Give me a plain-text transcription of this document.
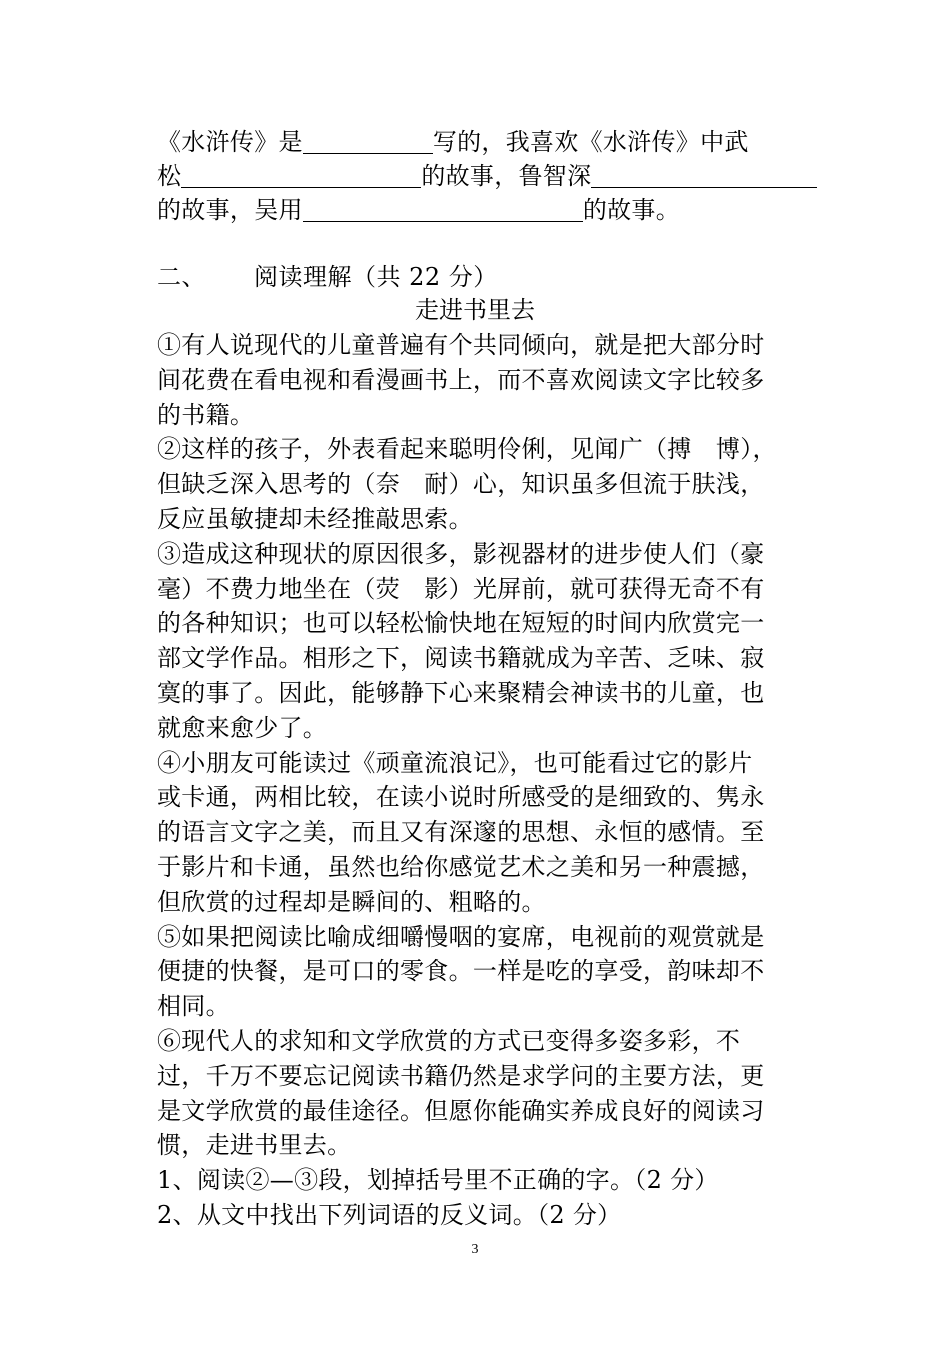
《水浒传》是	写的，我喜欢《水浒传》中武
松	的故事，鲁智深
的故事，吴用	的故事。
二、 阅读理解（共 22 分）
走进书里去
①有人说现代的儿童普遍有个共同倾向，就是把大部分时
间花费在看电视和看漫画书上，而不喜欢阅读文字比较多
的书籍。
②这样的孩子，外表看起来聪明伶俐，见闻广（搏　博），
但缺乏深入思考的（奈　耐）心，知识虽多但流于肤浅，
反应虽敏捷却未经推敲思索。
③造成这种现状的原因很多，影视器材的进步使人们（豪
毫）不费力地坐在（荧　影）光屏前，就可获得无奇不有
的各种知识；也可以轻松愉快地在短短的时间内欣赏完一
部文学作品。相形之下，阅读书籍就成为辛苦、乏味、寂
寞的事了。因此，能够静下心来聚精会神读书的儿童，也
就愈来愈少了。
④小朋友可能读过《顽童流浪记》，也可能看过它的影片
或卡通，两相比较，在读小说时所感受的是细致的、隽永
的语言文字之美，而且又有深邃的思想、永恒的感情。至
于影片和卡通，虽然也给你感觉艺术之美和另一种震撼，
但欣赏的过程却是瞬间的、粗略的。
⑤如果把阅读比喻成细嚼慢咽的宴席，电视前的观赏就是
便捷的快餐，是可口的零食。一样是吃的享受，韵味却不
相同。
⑥现代人的求知和文学欣赏的方式已变得多姿多彩，不
过，千万不要忘记阅读书籍仍然是求学问的主要方法，更
是文学欣赏的最佳途径。但愿你能确实养成良好的阅读习
惯，走进书里去。
1、阅读②—③段，划掉括号里不正确的字。（2 分）
2、从文中找出下列词语的反义词。（2 分）
3
